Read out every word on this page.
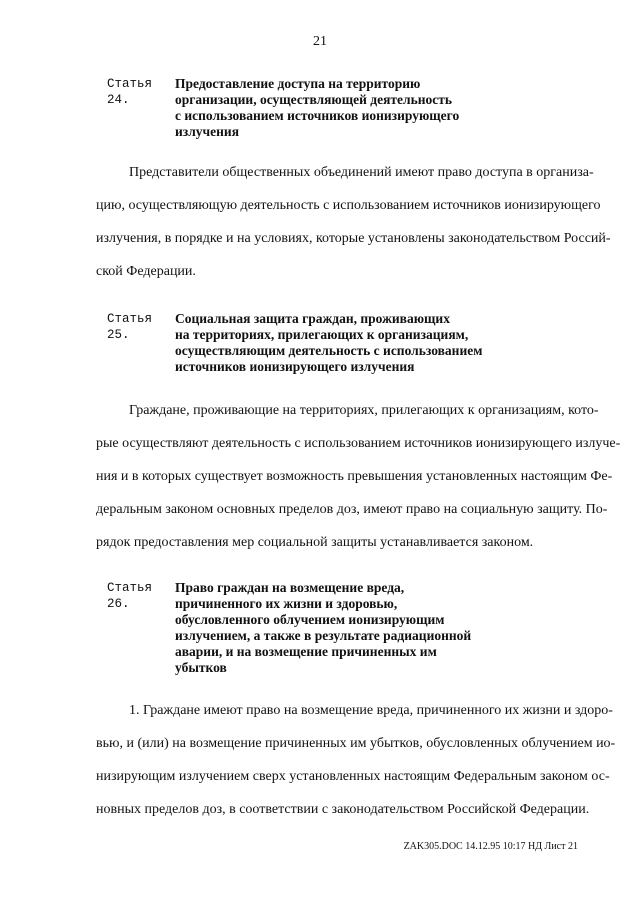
21
Статья 24.
Предоставление доступа на территорию
организации, осуществляющей деятельность
с использованием источников ионизирующего
излучения
Представители общественных объединений имеют право доступа в организа-
цию, осуществляющую деятельность с использованием источников ионизирующего
излучения, в порядке и на условиях, которые установлены законодательством Россий-
ской Федерации.
Статья 25.
Социальная защита граждан, проживающих
на территориях, прилегающих к организациям,
осуществляющим деятельность с использованием
источников ионизирующего излучения
Граждане, проживающие на территориях, прилегающих к организациям, кото-
рые осуществляют деятельность с использованием источников ионизирующего излуче-
ния и в которых существует возможность превышения установленных настоящим Фе-
деральным законом основных пределов доз, имеют право на социальную защиту. По-
рядок предоставления мер социальной защиты устанавливается законом.
Статья 26.
Право граждан на возмещение вреда,
причиненного их жизни и здоровью,
обусловленного облучением ионизирующим
излучением, а также в результате радиационной
аварии, и на возмещение причиненных им
убытков
1. Граждане имеют право на возмещение вреда, причиненного их жизни и здоро-
вью, и (или) на возмещение причиненных им убытков, обусловленных облучением ио-
низирующим излучением сверх установленных настоящим Федеральным законом ос-
новных пределов доз, в соответствии с законодательством Российской Федерации.
ZAK305.DOC 14.12.95 10:17 НД Лист 21
